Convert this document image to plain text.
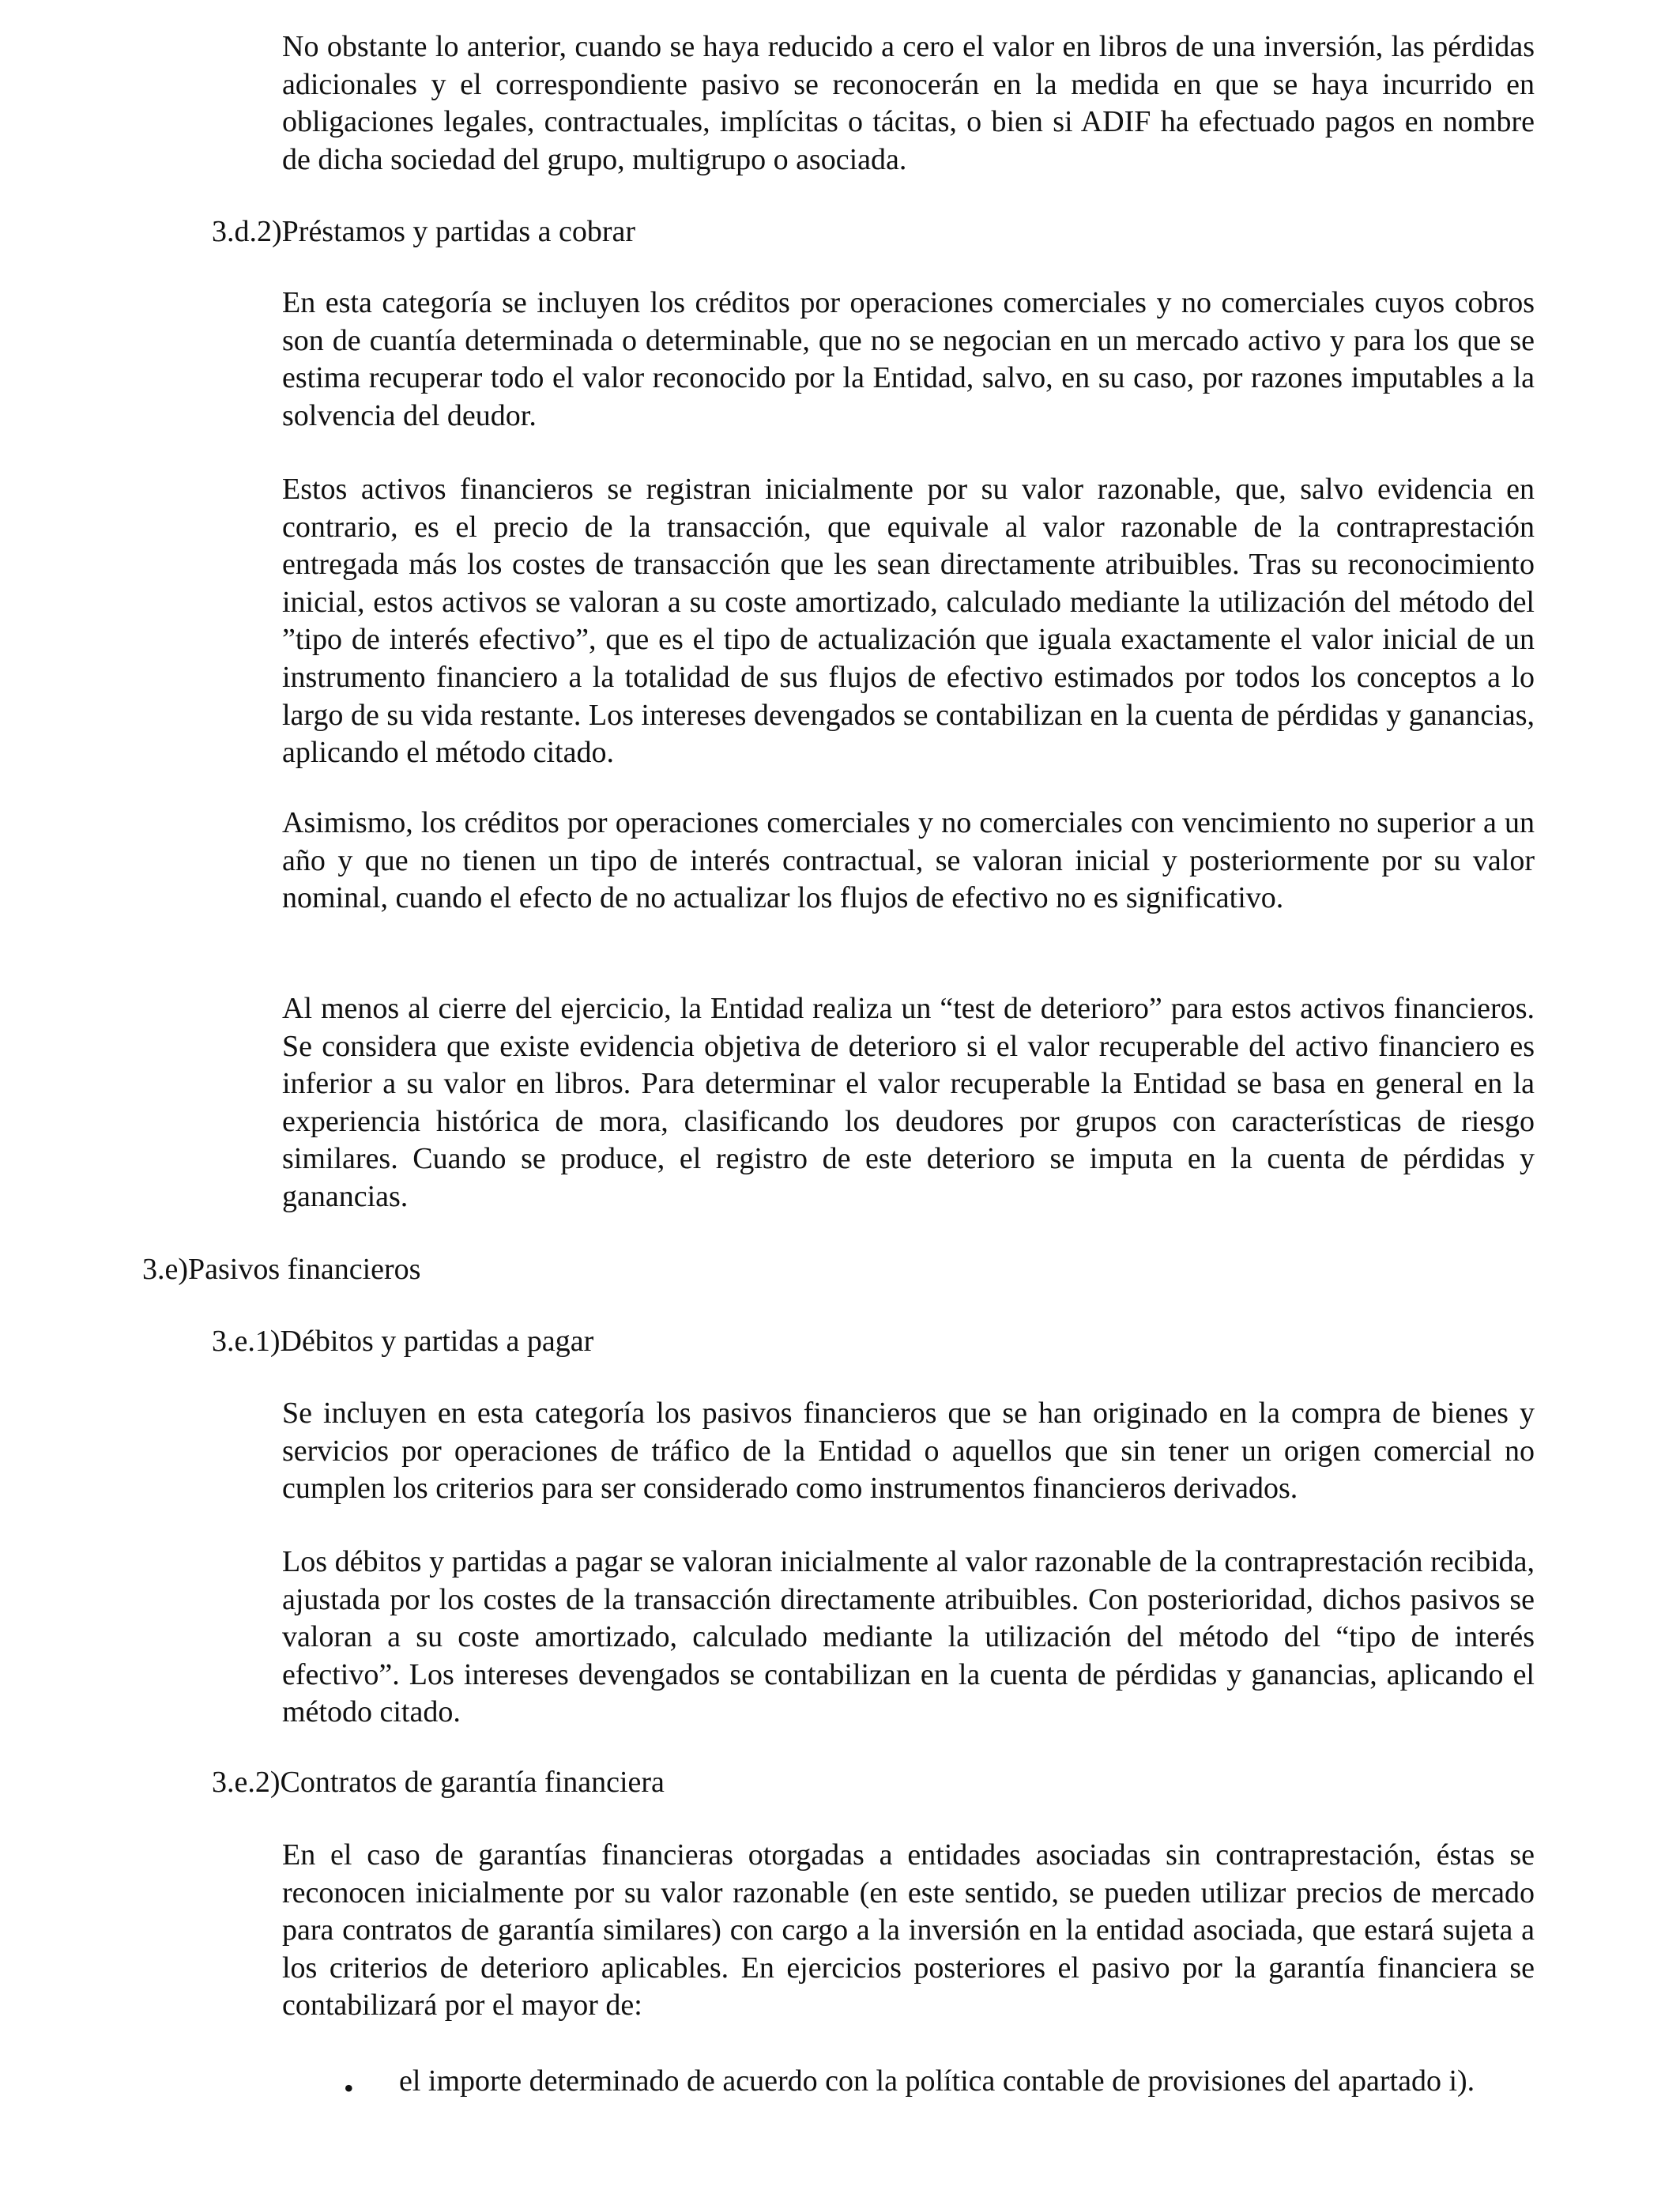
No obstante lo anterior, cuando se haya reducido a cero el valor en libros de una inversión, las pérdidas adicionales y el correspondiente pasivo se reconocerán en la medida en que se haya incurrido en obligaciones legales, contractuales, implícitas o tácitas, o bien si ADIF ha efectuado pagos en nombre de dicha sociedad del grupo, multigrupo o asociada.

3.d.2)Préstamos y partidas a cobrar

En esta categoría se incluyen los créditos por operaciones comerciales y no comerciales cuyos cobros son de cuantía determinada o determinable, que no se negocian en un mercado activo y para los que se estima recuperar todo el valor reconocido por la Entidad, salvo, en su caso, por razones imputables a la solvencia del deudor.

Estos activos financieros se registran inicialmente por su valor razonable, que, salvo evidencia en contrario, es el precio de la transacción, que equivale al valor razonable de la contraprestación entregada más los costes de transacción que les sean directamente atribuibles. Tras su reconocimiento inicial, estos activos se valoran a su coste amortizado, calculado mediante la utilización del método del ”tipo de interés efectivo”, que es el tipo de actualización que iguala exactamente el valor inicial de un instrumento financiero a la totalidad de sus flujos de efectivo estimados por todos los conceptos a lo largo de su vida restante. Los intereses devengados se contabilizan en la cuenta de pérdidas y ganancias, aplicando el método citado.

Asimismo, los créditos por operaciones comerciales y no comerciales con vencimiento no superior a un año y que no tienen un tipo de interés contractual, se valoran inicial y posteriormente por su valor nominal, cuando el efecto de no actualizar los flujos de efectivo no es significativo.

Al menos al cierre del ejercicio, la Entidad realiza un “test de deterioro” para estos activos financieros. Se considera que existe evidencia objetiva de deterioro si el valor recuperable del activo financiero es inferior a su valor en libros. Para determinar el valor recuperable la Entidad se basa en general en la experiencia histórica de mora, clasificando los deudores por grupos con características de riesgo similares. Cuando se produce, el registro de este deterioro se imputa en la cuenta de pérdidas y ganancias.

3.e)Pasivos financieros

3.e.1)Débitos y partidas a pagar

Se incluyen en esta categoría los pasivos financieros que se han originado en la compra de bienes y servicios por operaciones de tráfico de la Entidad o aquellos que sin tener un origen comercial no cumplen los criterios para ser considerado como instrumentos financieros derivados.

Los débitos y partidas a pagar se valoran inicialmente al valor razonable de la contraprestación recibida, ajustada por los costes de la transacción directamente atribuibles. Con posterioridad, dichos pasivos se valoran a su coste amortizado, calculado mediante la utilización del método del “tipo de interés efectivo”. Los intereses devengados se contabilizan en la cuenta de pérdidas y ganancias, aplicando el método citado.

3.e.2)Contratos de garantía financiera

En el caso de garantías financieras otorgadas a entidades asociadas sin contraprestación, éstas se reconocen inicialmente por su valor razonable (en este sentido, se pueden utilizar precios de mercado para contratos de garantía similares) con cargo a la inversión en la entidad asociada, que estará sujeta a los criterios de deterioro aplicables. En ejercicios posteriores el pasivo por la garantía financiera se contabilizará por el mayor de:

• el importe determinado de acuerdo con la política contable de provisiones del apartado i).
